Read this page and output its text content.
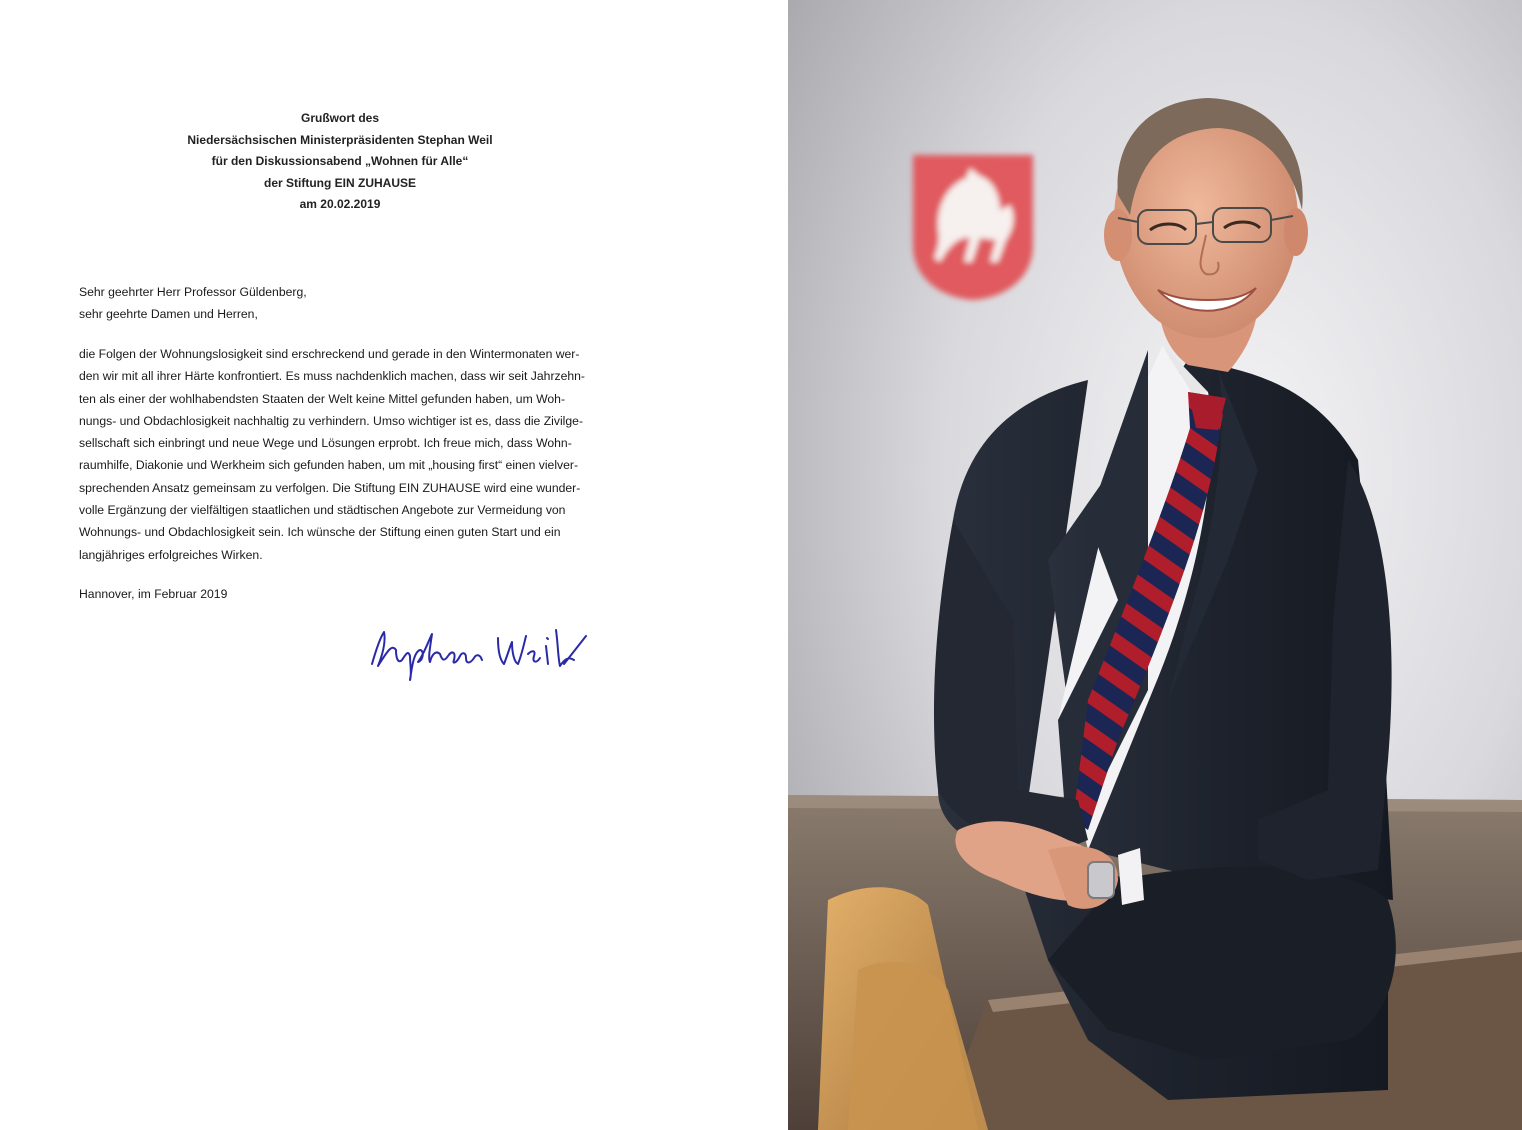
Grußwort des
Niedersächsischen Ministerpräsidenten Stephan Weil
für den Diskussionsabend „Wohnen für Alle“
der Stiftung EIN ZUHAUSE
am 20.02.2019
Sehr geehrter Herr Professor Güldenberg,
sehr geehrte Damen und Herren,
die Folgen der Wohnungslosigkeit sind erschreckend und gerade in den Wintermonaten wer-
den wir mit all ihrer Härte konfrontiert. Es muss nachdenklich machen, dass wir seit Jahrzehn-
ten als einer der wohlhabendsten Staaten der Welt keine Mittel gefunden haben, um Woh-
nungs- und Obdachlosigkeit nachhaltig zu verhindern. Umso wichtiger ist es, dass die Zivilge-
sellschaft sich einbringt und neue Wege und Lösungen erprobt. Ich freue mich, dass Wohn-
raumhilfe, Diakonie und Werkheim sich gefunden haben, um mit „housing first“ einen vielver-
sprechenden Ansatz gemeinsam zu verfolgen. Die Stiftung EIN ZUHAUSE wird eine wunder-
volle Ergänzung der vielfältigen staatlichen und städtischen Angebote zur Vermeidung von
Wohnungs- und Obdachlosigkeit sein. Ich wünsche der Stiftung einen guten Start und ein
langjähriges erfolgreiches Wirken.
Hannover, im Februar 2019
